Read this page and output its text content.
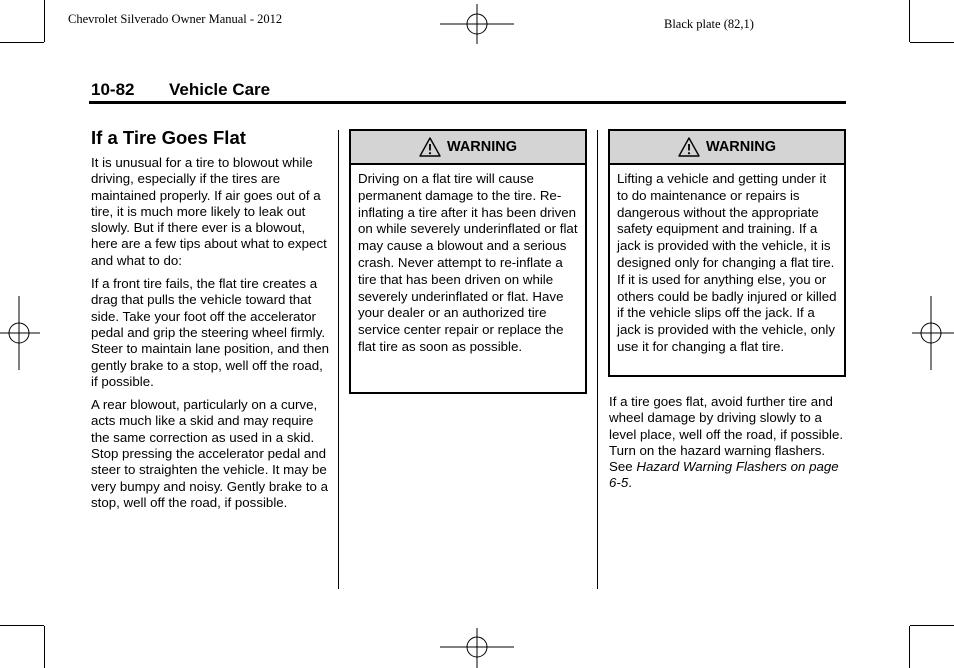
Chevrolet Silverado Owner Manual - 2012	Black plate (82,1)
10-82 Vehicle Care
If a Tire Goes Flat

It is unusual for a tire to blowout while driving, especially if the tires are maintained properly. If air goes out of a tire, it is much more likely to leak out slowly. But if there ever is a blowout, here are a few tips about what to expect and what to do:

If a front tire fails, the flat tire creates a drag that pulls the vehicle toward that side. Take your foot off the accelerator pedal and grip the steering wheel firmly. Steer to maintain lane position, and then gently brake to a stop, well off the road, if possible.

A rear blowout, particularly on a curve, acts much like a skid and may require the same correction as used in a skid. Stop pressing the accelerator pedal and steer to straighten the vehicle. It may be very bumpy and noisy. Gently brake to a stop, well off the road, if possible.

WARNING
Driving on a flat tire will cause permanent damage to the tire. Re-inflating a tire after it has been driven on while severely underinflated or flat may cause a blowout and a serious crash. Never attempt to re-inflate a tire that has been driven on while severely underinflated or flat. Have your dealer or an authorized tire service center repair or replace the flat tire as soon as possible.
WARNING
Lifting a vehicle and getting under it to do maintenance or repairs is dangerous without the appropriate safety equipment and training. If a jack is provided with the vehicle, it is designed only for changing a flat tire. If it is used for anything else, you or others could be badly injured or killed if the vehicle slips off the jack. If a jack is provided with the vehicle, only use it for changing a flat tire.

If a tire goes flat, avoid further tire and wheel damage by driving slowly to a level place, well off the road, if possible. Turn on the hazard warning flashers. See Hazard Warning Flashers on page 6-5.
